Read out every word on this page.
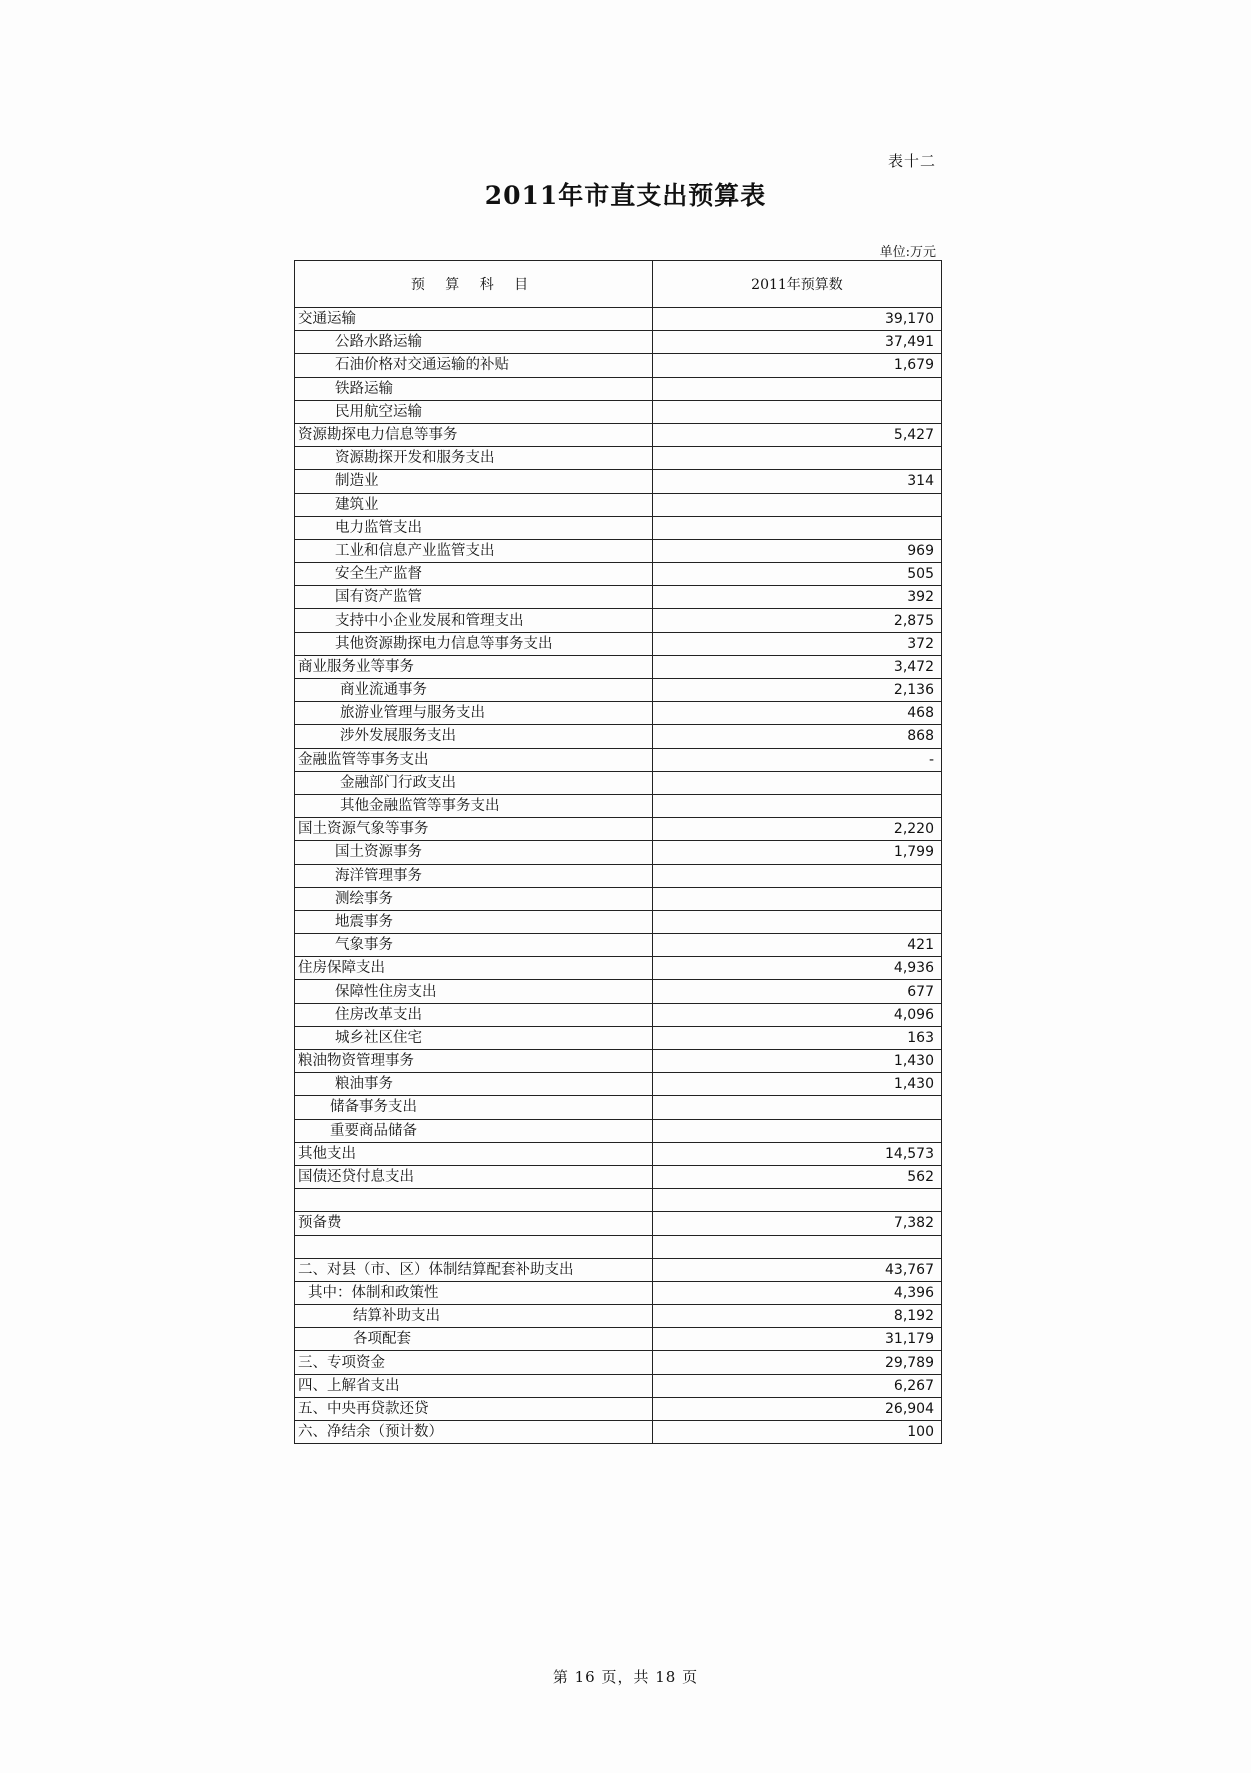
表十二
2011年市直支出预算表
单位:万元
预 算 科 目	2011年预算数
交通运输	39,170
公路水路运输	37,491
石油价格对交通运输的补贴	1,679
铁路运输	
民用航空运输	
资源勘探电力信息等事务	5,427
资源勘探开发和服务支出	
制造业	314
建筑业	
电力监管支出	
工业和信息产业监管支出	969
安全生产监督	505
国有资产监管	392
支持中小企业发展和管理支出	2,875
其他资源勘探电力信息等事务支出	372
商业服务业等事务	3,472
商业流通事务	2,136
旅游业管理与服务支出	468
涉外发展服务支出	868
金融监管等事务支出	-
金融部门行政支出	
其他金融监管等事务支出	
国土资源气象等事务	2,220
国土资源事务	1,799
海洋管理事务	
测绘事务	
地震事务	
气象事务	421
住房保障支出	4,936
保障性住房支出	677
住房改革支出	4,096
城乡社区住宅	163
粮油物资管理事务	1,430
粮油事务	1,430
储备事务支出	
重要商品储备	
其他支出	14,573
国债还贷付息支出	562

预备费	7,382

二、对县（市、区）体制结算配套补助支出	43,767
其中：体制和政策性	4,396
结算补助支出	8,192
各项配套	31,179
三、专项资金	29,789
四、上解省支出	6,267
五、中央再贷款还贷	26,904
六、净结余（预计数）	100
第 16 页，共 18 页
